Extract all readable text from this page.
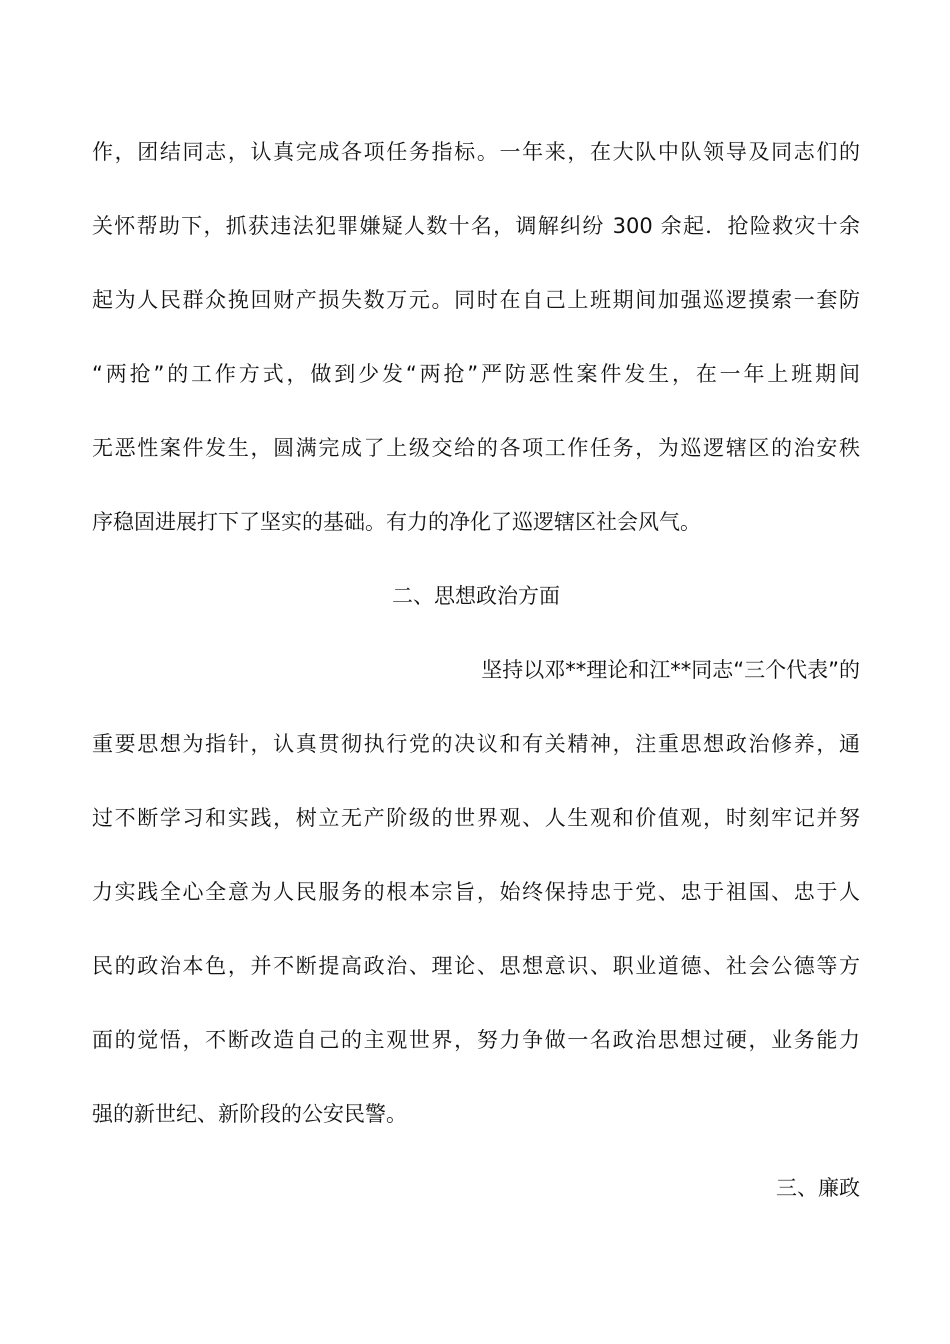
作，团结同志，认真完成各项任务指标。一年来，在大队中队领导及同志们的
关怀帮助下，抓获违法犯罪嫌疑人数十名，调解纠纷 300 余起．抢险救灾十余
起为人民群众挽回财产损失数万元。同时在自己上班期间加强巡逻摸索一套防
“两抢”的工作方式，做到少发“两抢”严防恶性案件发生，在一年上班期间
无恶性案件发生，圆满完成了上级交给的各项工作任务，为巡逻辖区的治安秩
序稳固进展打下了坚实的基础。有力的净化了巡逻辖区社会风气。
二、思想政治方面
坚持以邓**理论和江**同志“三个代表”的
重要思想为指针，认真贯彻执行党的决议和有关精神，注重思想政治修养，通
过不断学习和实践，树立无产阶级的世界观、人生观和价值观，时刻牢记并努
力实践全心全意为人民服务的根本宗旨，始终保持忠于党、忠于祖国、忠于人
民的政治本色，并不断提高政治、理论、思想意识、职业道德、社会公德等方
面的觉悟，不断改造自己的主观世界，努力争做一名政治思想过硬，业务能力
强的新世纪、新阶段的公安民警。
三、廉政
